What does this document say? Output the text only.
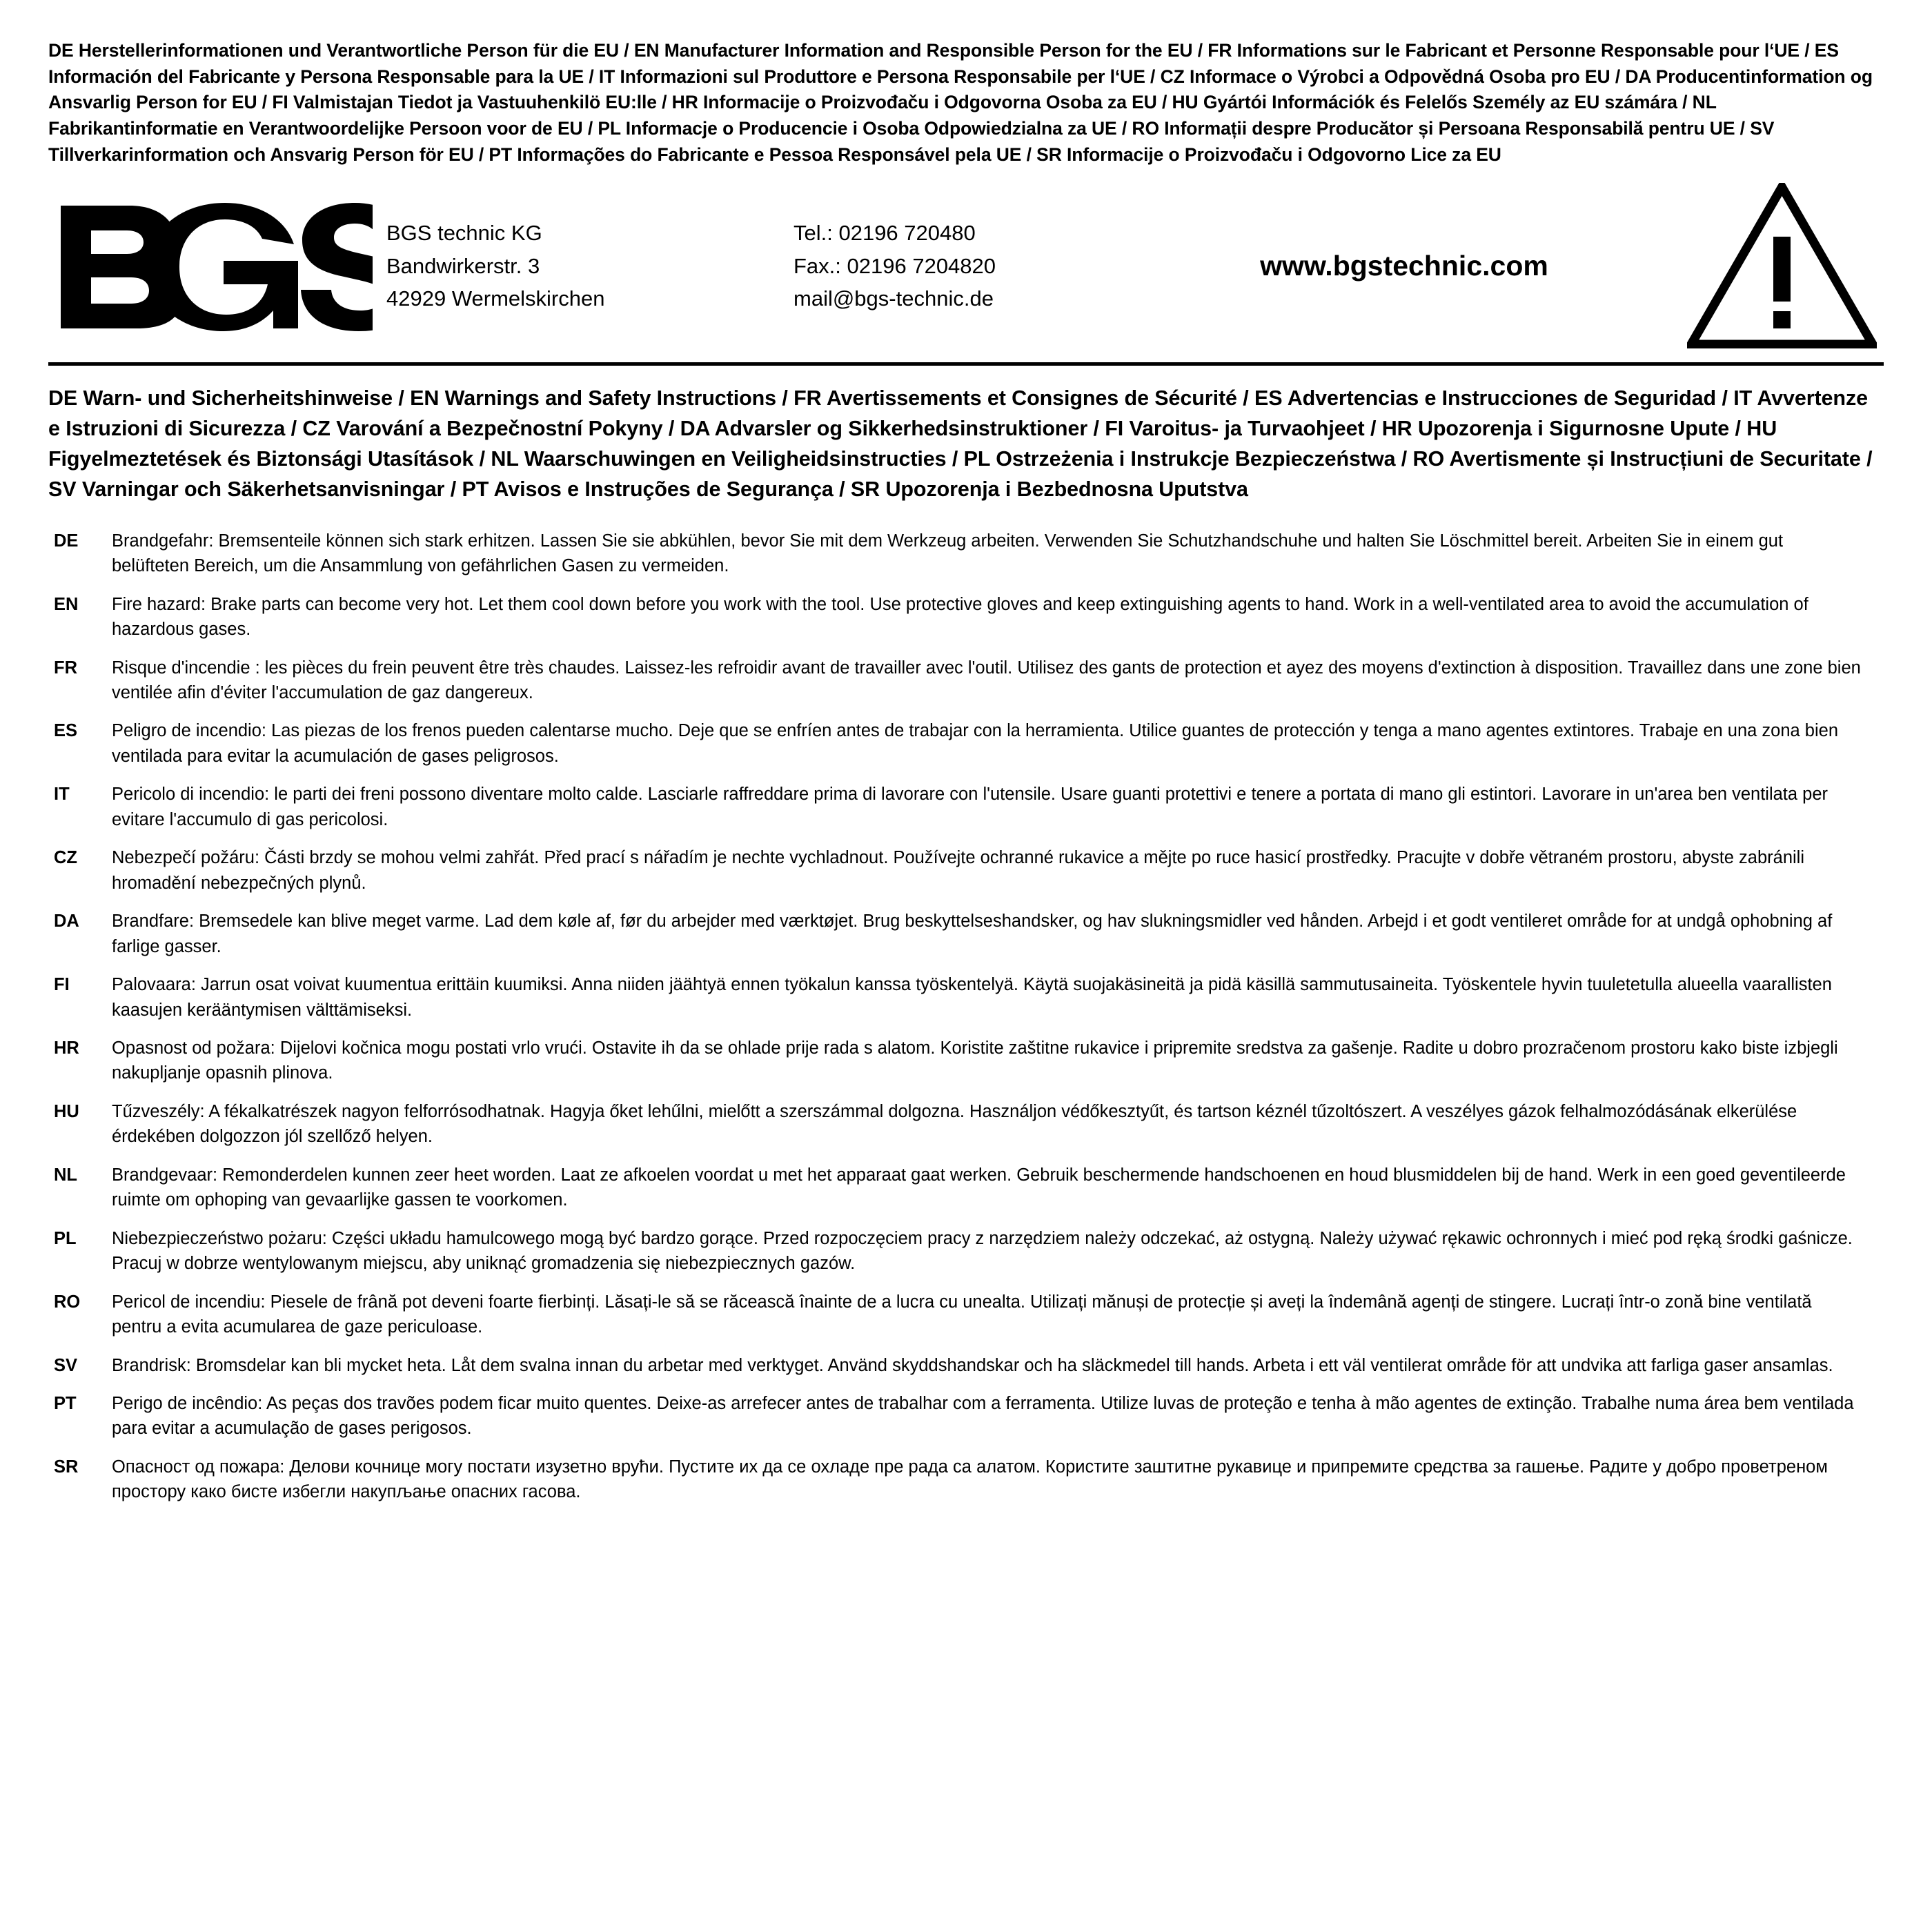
DE Herstellerinformationen und Verantwortliche Person für die EU / EN Manufacturer Information and Responsible Person for the EU / FR Informations sur le Fabricant et Personne Responsable pour l‘UE / ES Información del Fabricante y Persona Responsable para la UE / IT Informazioni sul Produttore e Persona Responsabile per l‘UE / CZ Informace o Výrobci a Odpovědná Osoba pro EU / DA Producentinformation og Ansvarlig Person for EU / FI Valmistajan Tiedot ja Vastuuhenkilö EU:lle / HR Informacije o Proizvođaču i Odgovorna Osoba za EU / HU Gyártói Információk és Felelős Személy az EU számára / NL Fabrikantinformatie en Verantwoordelijke Persoon voor de EU / PL Informacje o Producencie i Osoba Odpowiedzialna za UE / RO Informații despre Producător și Persoana Responsabilă pentru UE / SV Tillverkarinformation och Ansvarig Person för EU / PT Informações do Fabricante e Pessoa Responsável pela UE / SR Informacije o Proizvođaču i Odgovorno Lice za EU
BGS technic KG
Bandwirkerstr. 3
42929 Wermelskirchen
Tel.: 02196 720480
Fax.: 02196 7204820
mail@bgs-technic.de
www.bgstechnic.com
DE Warn- und Sicherheitshinweise / EN Warnings and Safety Instructions / FR Avertissements et Consignes de Sécurité / ES Advertencias e Instrucciones de Seguridad / IT Avvertenze e Istruzioni di Sicurezza / CZ Varování a Bezpečnostní Pokyny / DA Advarsler og Sikkerhedsinstruktioner / FI Varoitus- ja Turvaohjeet / HR Upozorenja i Sigurnosne Upute / HU Figyelmeztetések és Biztonsági Utasítások / NL Waarschuwingen en Veiligheidsinstructies / PL Ostrzeżenia i Instrukcje Bezpieczeństwa / RO Avertismente și Instrucțiuni de Securitate / SV Varningar och Säkerhetsanvisningar / PT Avisos e Instruções de Segurança / SR Upozorenja i Bezbednosna Uputstva
DE	Brandgefahr: Bremsenteile können sich stark erhitzen. Lassen Sie sie abkühlen, bevor Sie mit dem Werkzeug arbeiten. Verwenden Sie Schutzhandschuhe und halten Sie Löschmittel bereit. Arbeiten Sie in einem gut belüfteten Bereich, um die Ansammlung von gefährlichen Gasen zu vermeiden.
EN	Fire hazard: Brake parts can become very hot. Let them cool down before you work with the tool. Use protective gloves and keep extinguishing agents to hand. Work in a well-ventilated area to avoid the accumulation of hazardous gases.
FR	Risque d'incendie : les pièces du frein peuvent être très chaudes. Laissez-les refroidir avant de travailler avec l'outil. Utilisez des gants de protection et ayez des moyens d'extinction à disposition. Travaillez dans une zone bien ventilée afin d'éviter l'accumulation de gaz dangereux.
ES	Peligro de incendio: Las piezas de los frenos pueden calentarse mucho. Deje que se enfríen antes de trabajar con la herramienta. Utilice guantes de protección y tenga a mano agentes extintores. Trabaje en una zona bien ventilada para evitar la acumulación de gases peligrosos.
IT	Pericolo di incendio: le parti dei freni possono diventare molto calde. Lasciarle raffreddare prima di lavorare con l'utensile. Usare guanti protettivi e tenere a portata di mano gli estintori. Lavorare in un'area ben ventilata per evitare l'accumulo di gas pericolosi.
CZ	Nebezpečí požáru: Části brzdy se mohou velmi zahřát. Před prací s nářadím je nechte vychladnout. Používejte ochranné rukavice a mějte po ruce hasicí prostředky. Pracujte v dobře větraném prostoru, abyste zabránili hromadění nebezpečných plynů.
DA	Brandfare: Bremsedele kan blive meget varme. Lad dem køle af, før du arbejder med værktøjet. Brug beskyttelseshandsker, og hav slukningsmidler ved hånden. Arbejd i et godt ventileret område for at undgå ophobning af farlige gasser.
FI	Palovaara: Jarrun osat voivat kuumentua erittäin kuumiksi. Anna niiden jäähtyä ennen työkalun kanssa työskentelyä. Käytä suojakäsineitä ja pidä käsillä sammutusaineita. Työskentele hyvin tuuletetulla alueella vaarallisten kaasujen kerääntymisen välttämiseksi.
HR	Opasnost od požara: Dijelovi kočnica mogu postati vrlo vrući. Ostavite ih da se ohlade prije rada s alatom. Koristite zaštitne rukavice i pripremite sredstva za gašenje. Radite u dobro prozračenom prostoru kako biste izbjegli nakupljanje opasnih plinova.
HU	Tűzveszély: A fékalkatrészek nagyon felforrósodhatnak. Hagyja őket lehűlni, mielőtt a szerszámmal dolgozna. Használjon védőkesztyűt, és tartson kéznél tűzoltószert. A veszélyes gázok felhalmozódásának elkerülése érdekében dolgozzon jól szellőző helyen.
NL	Brandgevaar: Remonderdelen kunnen zeer heet worden. Laat ze afkoelen voordat u met het apparaat gaat werken. Gebruik beschermende handschoenen en houd blusmiddelen bij de hand. Werk in een goed geventileerde ruimte om ophoping van gevaarlijke gassen te voorkomen.
PL	Niebezpieczeństwo pożaru: Części układu hamulcowego mogą być bardzo gorące. Przed rozpoczęciem pracy z narzędziem należy odczekać, aż ostygną. Należy używać rękawic ochronnych i mieć pod ręką środki gaśnicze. Pracuj w dobrze wentylowanym miejscu, aby uniknąć gromadzenia się niebezpiecznych gazów.
RO	Pericol de incendiu: Piesele de frână pot deveni foarte fierbinți. Lăsați-le să se răcească înainte de a lucra cu unealta. Utilizați mănuși de protecție și aveți la îndemână agenți de stingere. Lucrați într-o zonă bine ventilată pentru a evita acumularea de gaze periculoase.
SV	Brandrisk: Bromsdelar kan bli mycket heta. Låt dem svalna innan du arbetar med verktyget. Använd skyddshandskar och ha släckmedel till hands. Arbeta i ett väl ventilerat område för att undvika att farliga gaser ansamlas.
PT	Perigo de incêndio: As peças dos travões podem ficar muito quentes. Deixe-as arrefecer antes de trabalhar com a ferramenta. Utilize luvas de proteção e tenha à mão agentes de extinção. Trabalhe numa área bem ventilada para evitar a acumulação de gases perigosos.
SR	Опасност од пожара: Делови кочнице могу постати изузетно врући. Пустите их да се охладе пре рада са алатом. Користите заштитне рукавице и припремите средства за гашење. Радите у добро проветреном простору како бисте избегли накупљање опасних гасова.
